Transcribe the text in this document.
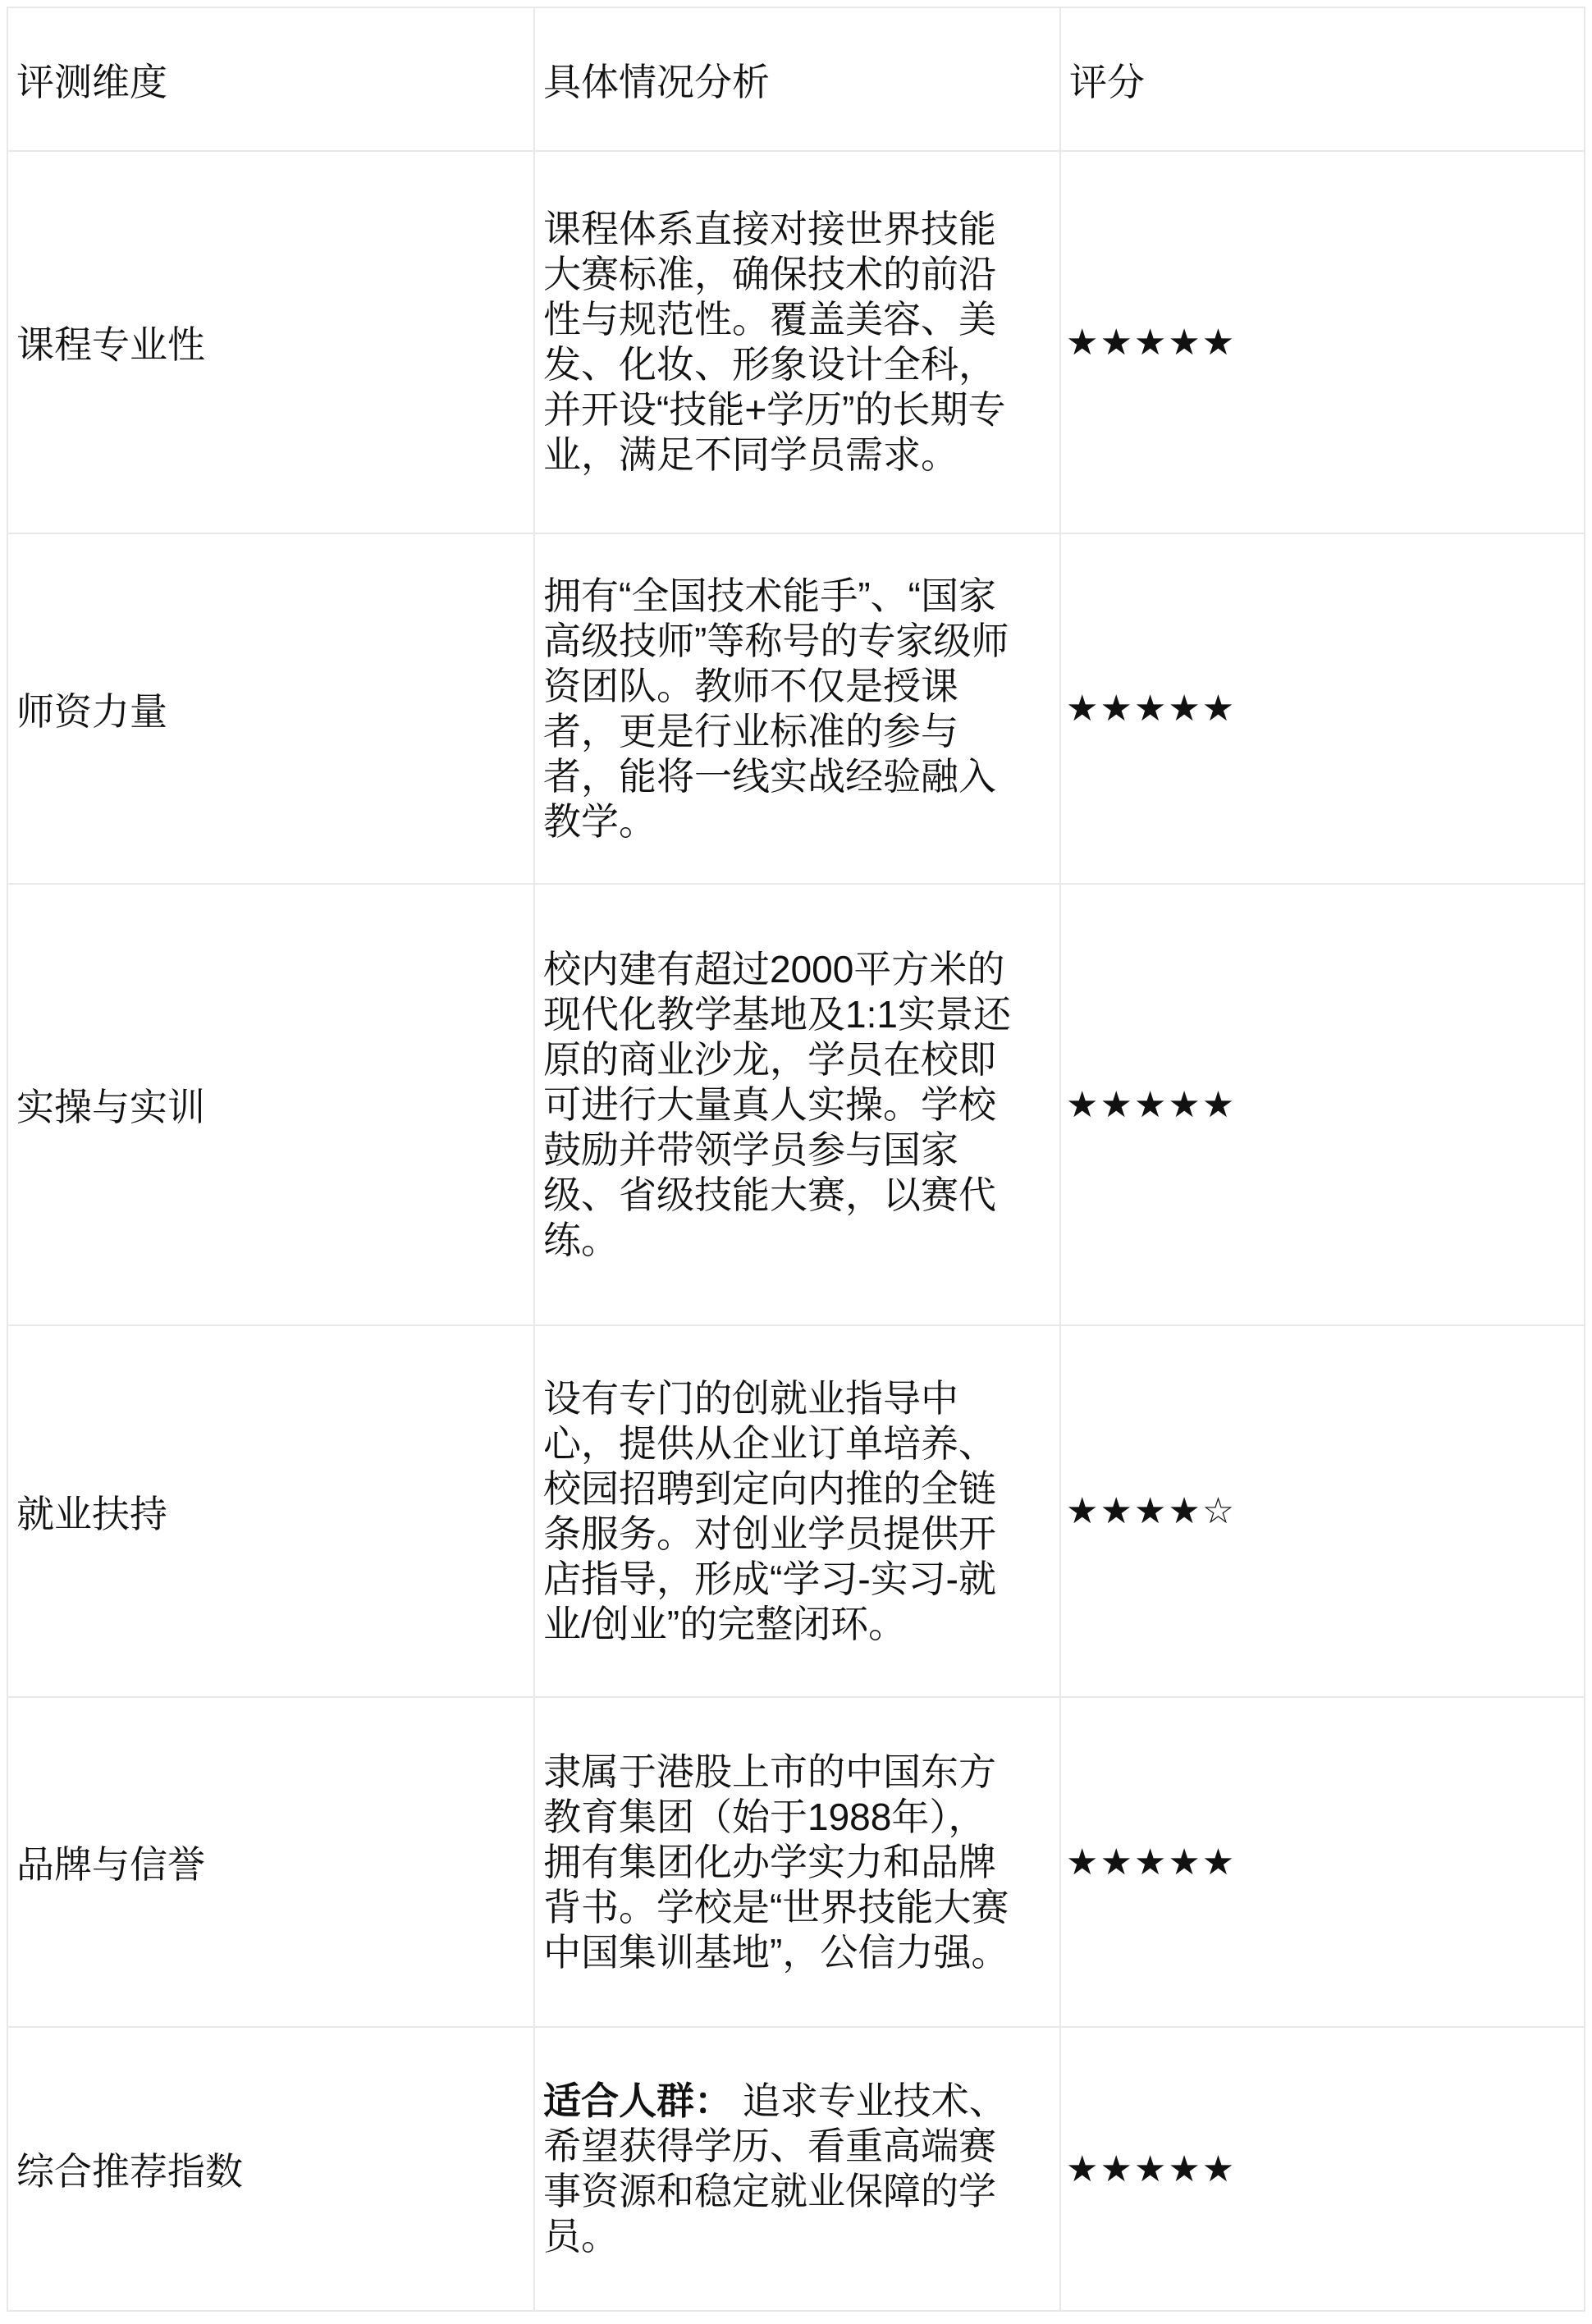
评测维度	具体情况分析	评分
课程专业性	课程体系直接对接世界技能大赛标准，确保技术的前沿性与规范性。覆盖美容、美发、化妆、形象设计全科，并开设“技能+学历”的长期专业，满足不同学员需求。	★★★★★
师资力量	拥有“全国技术能手”、“国家高级技师”等称号的专家级师资团队。教师不仅是授课者，更是行业标准的参与者，能将一线实战经验融入教学。	★★★★★
实操与实训	校内建有超过2000平方米的现代化教学基地及1:1实景还原的商业沙龙，学员在校即可进行大量真人实操。学校鼓励并带领学员参与国家级、省级技能大赛，以赛代练。	★★★★★
就业扶持	设有专门的创就业指导中心，提供从企业订单培养、校园招聘到定向内推的全链条服务。对创业学员提供开店指导，形成“学习-实习-就业/创业”的完整闭环。	★★★★☆
品牌与信誉	隶属于港股上市的中国东方教育集团（始于1988年），拥有集团化办学实力和品牌背书。学校是“世界技能大赛中国集训基地”，公信力强。	★★★★★
综合推荐指数	适合人群： 追求专业技术、希望获得学历、看重高端赛事资源和稳定就业保障的学员。	★★★★★
